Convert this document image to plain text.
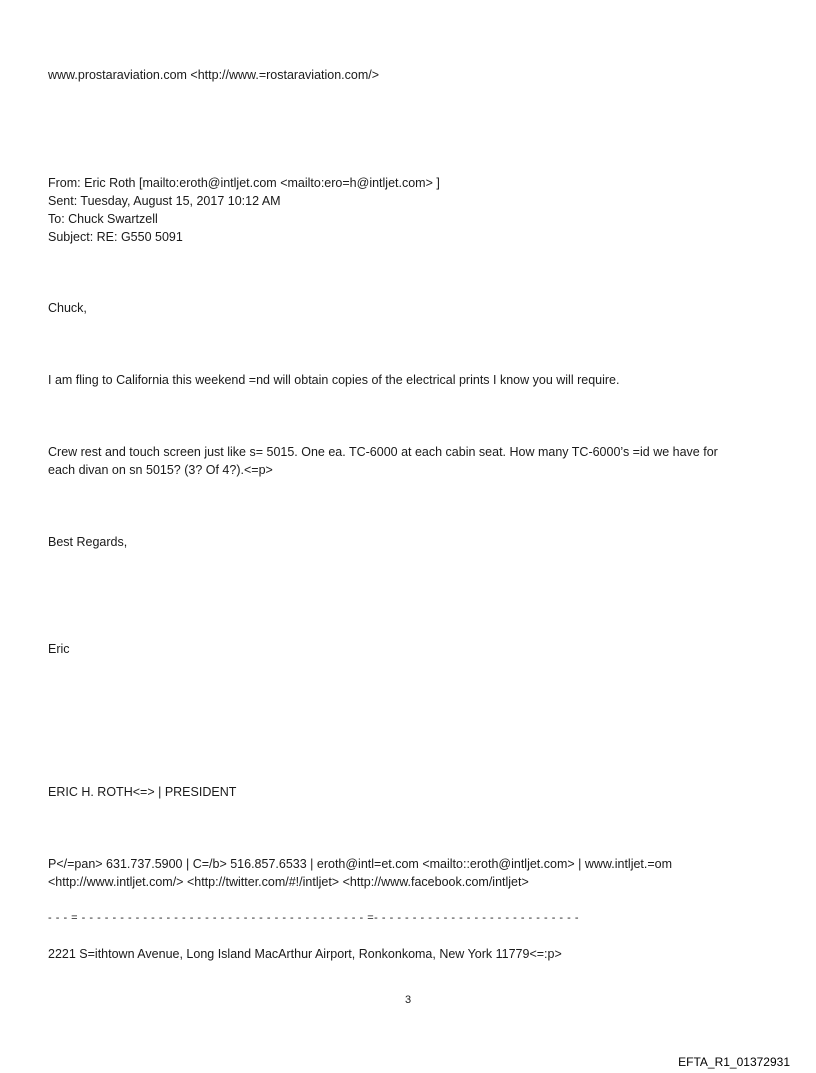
www.prostaraviation.com <http://www.=rostaraviation.com/>

From: Eric Roth [mailto:eroth@intljet.com <mailto:ero=h@intljet.com> ]
Sent: Tuesday, August 15, 2017 10:12 AM
To: Chuck Swartzell
Subject: RE: G550 5091

Chuck,

I am fling to California this weekend =nd will obtain copies of the electrical prints I know you will require.

Crew rest and touch screen just like s= 5015. One ea. TC-6000 at each cabin seat. How many TC-6000’s =id we have for
each divan on sn 5015? (3? Of 4?).<=p>

Best Regards,

Eric

ERIC H. ROTH<=> | PRESIDENT

P</=pan> 631.737.5900 | C=/b> 516.857.6533 | eroth@intl=et.com <mailto::eroth@intljet.com> | www.intljet.=om
<http://www.intljet.com/> <http://twitter.com/#!/intljet> <http://www.facebook.com/intljet>

- - - = - - - - - - - - - - - - - - - - - - - - - - - - - - - - - - - - - - - - - =- - - - - - - - - - - - - - - - - - - - - - - - - - -

2221 S=ithtown Avenue, Long Island MacArthur Airport, Ronkonkoma, New York 11779<=:p>

3
EFTA_R1_01372931
